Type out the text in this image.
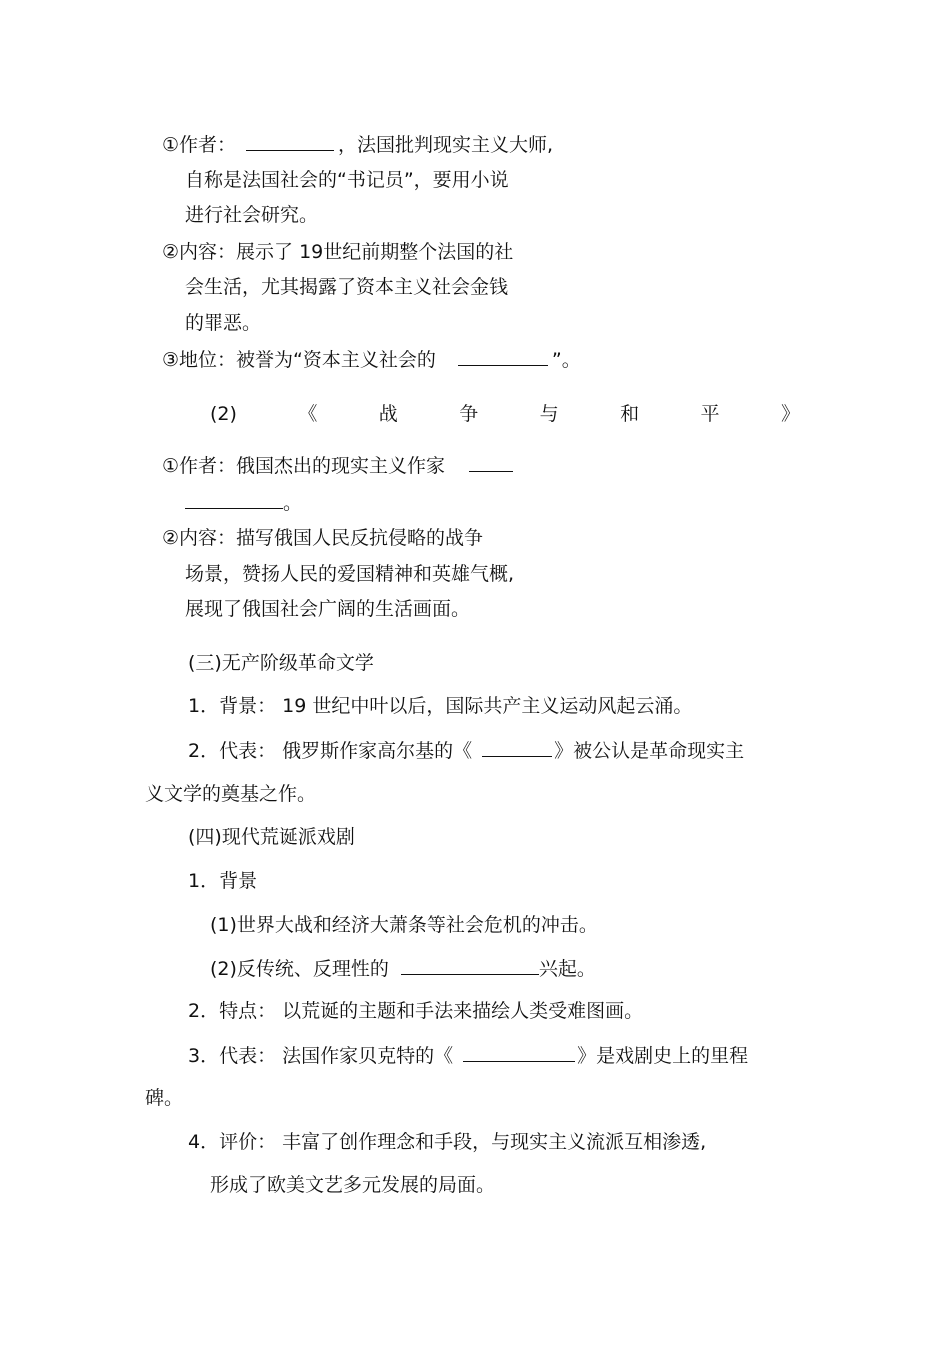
①作者：	，法国批判现实主义大师,
自称是法国社会的“书记员”，要用小说
进行社会研究。
②内容：展示了 19世纪前期整个法国的社
会生活，尤其揭露了资本主义社会金钱
的罪恶。
③地位：被誉为“资本主义社会的	”。
(2)	《	战	争	与	和	平	》
①作者：俄国杰出的现实主义作家
。
②内容：描写俄国人民反抗侵略的战争
场景，赞扬人民的爱国精神和英雄气概,
展现了俄国社会广阔的生活画面。
(三)无产阶级革命文学
1．背景： 19 世纪中叶以后，国际共产主义运动风起云涌。
2．代表： 俄罗斯作家高尔基的《	》被公认是革命现实主
义文学的奠基之作。
(四)现代荒诞派戏剧
1．背景
(1)世界大战和经济大萧条等社会危机的冲击。
(2)反传统、反理性的	兴起。
2．特点： 以荒诞的主题和手法来描绘人类受难图画。
3．代表： 法国作家贝克特的《	》是戏剧史上的里程
碑。
4．评价： 丰富了创作理念和手段，与现实主义流派互相渗透,
形成了欧美文艺多元发展的局面。
